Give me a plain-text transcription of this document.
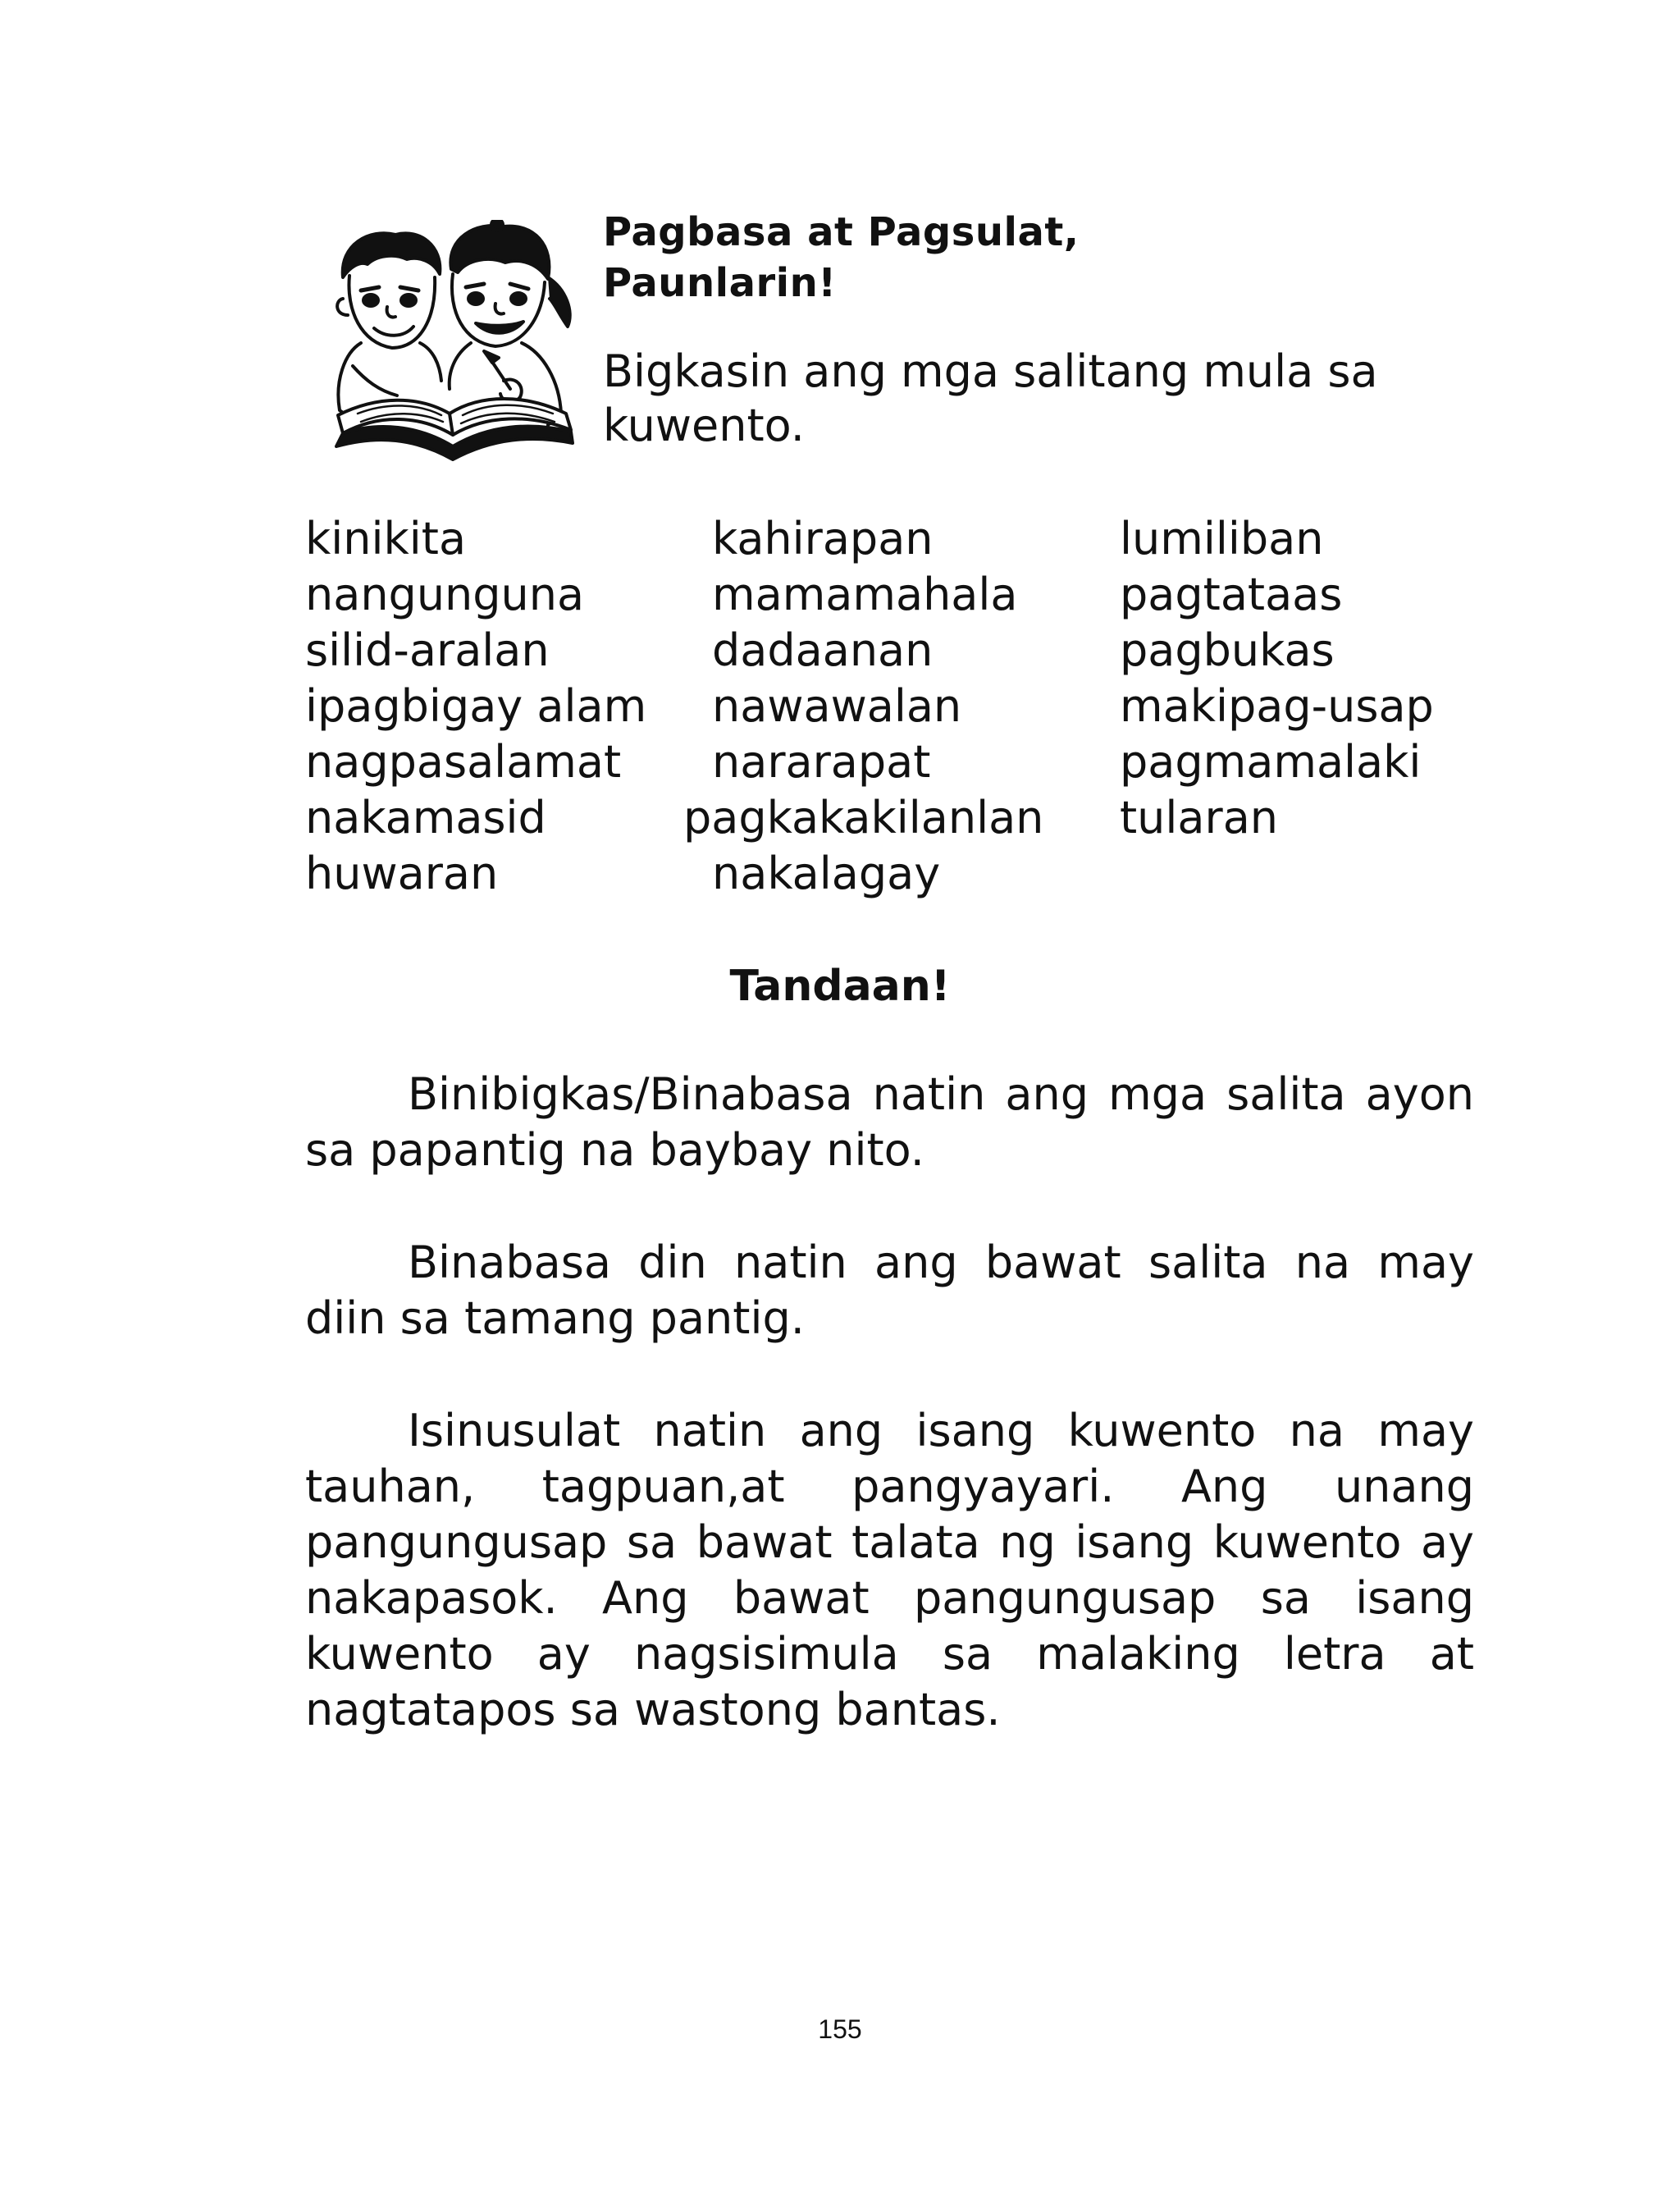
Pagbasa at Pagsulat,
Paunlarin!

Bigkasin ang mga salitang mula sa
kuwento.

kinikita
nangunguna
silid-aralan
ipagbigay alam
nagpasalamat
nakamasid
huwaran
kahirapan
mamamahala
dadaanan
nawawalan
nararapat
pagkakakilanlan
nakalagay
lumiliban
pagtataas
pagbukas
makipag-usap
pagmamalaki
tularan
Tandaan!

Binibigkas/Binabasa natin ang mga salita ayon sa papantig na baybay nito.

Binabasa din natin ang bawat salita na may diin sa tamang pantig.

Isinusulat natin ang isang kuwento na may tauhan, tagpuan,at pangyayari. Ang unang pangungusap sa bawat talata ng isang kuwento ay nakapasok. Ang bawat pangungusap sa isang kuwento ay nagsisimula sa malaking letra at nagtatapos sa wastong bantas.

155
